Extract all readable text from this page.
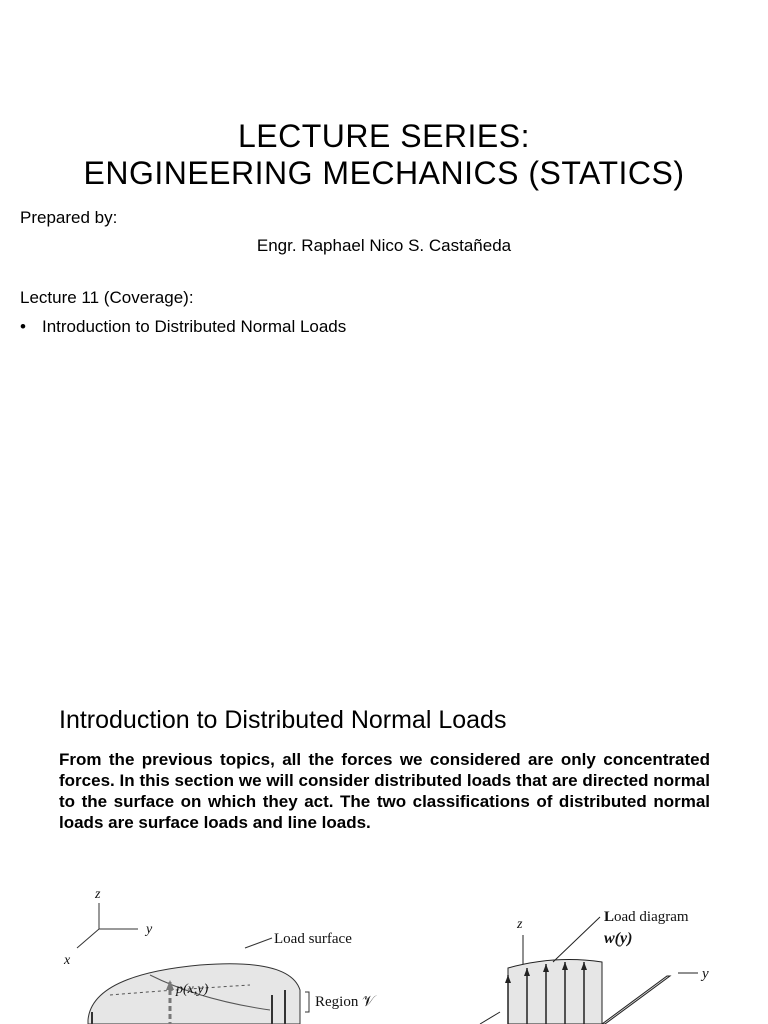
LECTURE SERIES:
ENGINEERING MECHANICS (STATICS)
Prepared by:
Engr. Raphael Nico S. Castañeda
Lecture 11 (Coverage):
• Introduction to Distributed Normal Loads
Introduction to Distributed Normal Loads
From the previous topics, all the forces we considered are only concentrated forces. In this section we will consider distributed loads that are directed normal to the surface on which they act. The two classifications of distributed normal loads are surface loads and line loads.
z
y
x
p(x,y)
Load surface
Region 𝒱
z
y
Load diagram
w(y)
